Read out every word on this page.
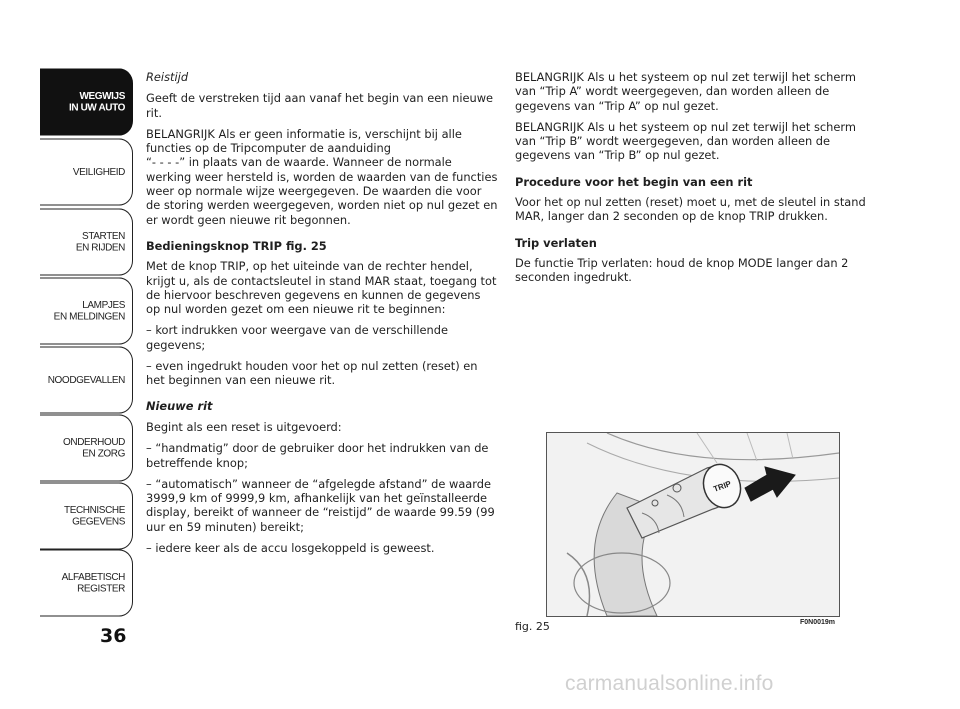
WEGWIJS
IN UW AUTO
VEILIGHEID
STARTEN
EN RIJDEN
LAMPJES
EN MELDINGEN
NOODGEVALLEN
ONDERHOUD
EN ZORG
TECHNISCHE
GEGEVENS
ALFABETISCH
REGISTER
36

Reistijd

Geeft de verstreken tijd aan vanaf het begin van een nieuwe rit.

BELANGRIJK Als er geen informatie is, verschijnt bij alle functies op de Tripcomputer de aanduiding

“- - - -” in plaats van de waarde. Wanneer de normale werking weer hersteld is, worden de waarden van de functies weer op normale wijze weergegeven. De waarden die voor de storing werden weergegeven, worden niet op nul gezet en er wordt geen nieuwe rit begonnen.

Bedieningsknop TRIP fig. 25

Met de knop TRIP, op het uiteinde van de rechter hendel, krijgt u, als de contactsleutel in stand MAR staat, toegang tot de hiervoor beschreven gegevens en kunnen de gegevens op nul worden gezet om een nieuwe rit te beginnen:

– kort indrukken voor weergave van de verschillende gegevens;

– even ingedrukt houden voor het op nul zetten (reset) en het beginnen van een nieuwe rit.

Nieuwe rit

Begint als een reset is uitgevoerd:

– “handmatig” door de gebruiker door het indrukken van de betreffende knop;

– “automatisch” wanneer de “afgelegde afstand” de waarde 3999,9 km of 9999,9 km, afhankelijk van het geïnstalleerde display, bereikt of wanneer de “reistijd” de waarde 99.59 (99 uur en 59 minuten) bereikt;

– iedere keer als de accu losgekoppeld is geweest.

BELANGRIJK Als u het systeem op nul zet terwijl het scherm van “Trip A” wordt weergegeven, dan worden alleen de gegevens van “Trip A” op nul gezet.

BELANGRIJK Als u het systeem op nul zet terwijl het scherm van “Trip B” wordt weergegeven, dan worden alleen de gegevens van “Trip B” op nul gezet.

Procedure voor het begin van een rit

Voor het op nul zetten (reset) moet u, met de sleutel in stand MAR, langer dan 2 seconden op de knop TRIP drukken.

Trip verlaten

De functie Trip verlaten: houd de knop MODE langer dan 2 seconden ingedrukt.

TRIP
fig. 25	F0N0019m
carmanualsonline.info
